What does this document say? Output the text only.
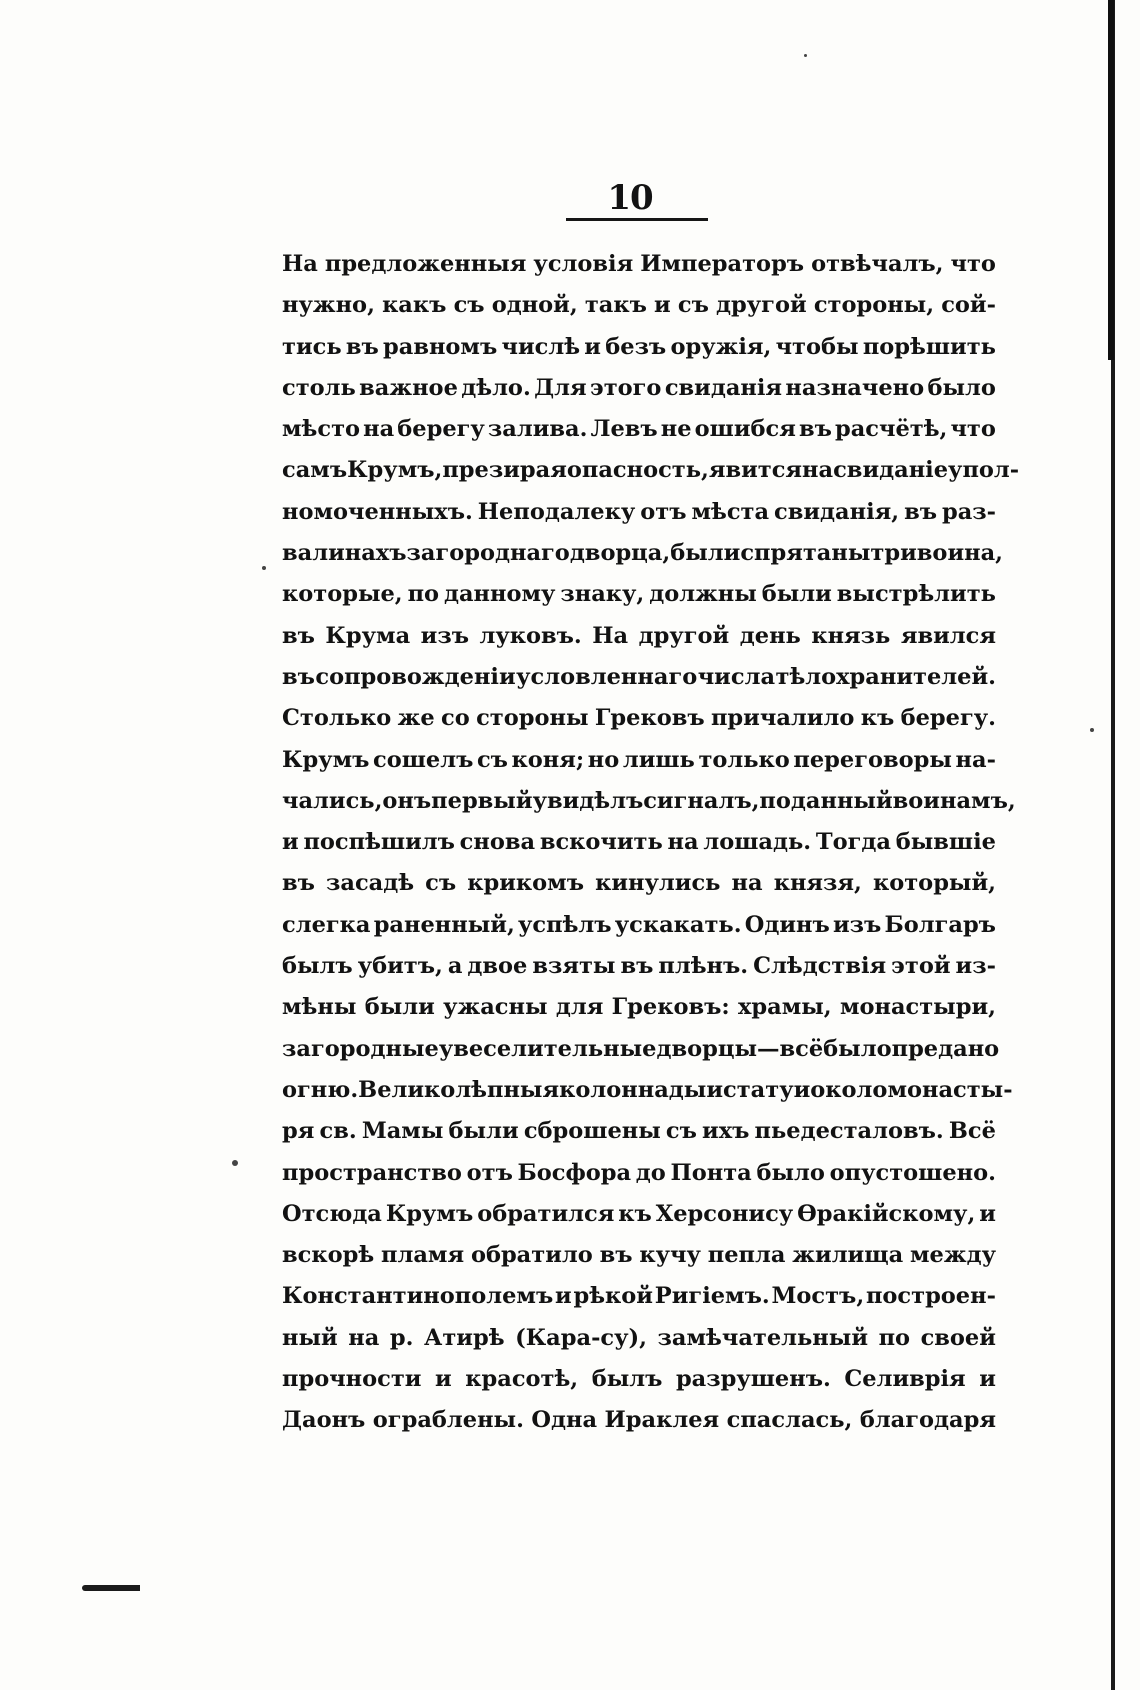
10
На предложенныя условія Императоръ отвѣчалъ, что
нужно, какъ съ одной, такъ и съ другой стороны, сой-
тись въ равномъ числѣ и безъ оружія, чтобы порѣшить
столь важное дѣло. Для этого свиданія назначено было
мѣсто на берегу залива. Левъ не ошибся въ расчётѣ, что
самъ Крумъ, презирая опасность, явится на свиданіе упол-
номоченныхъ. Неподалеку отъ мѣста свиданія, въ раз-
валинахъ загороднаго дворца, были спрятаны три воина,
которые, по данному знаку, должны были выстрѣлить
въ Крума изъ луковъ. На другой день князь явился
въ сопровожденіи условленнаго числа тѣлохранителей.
Столько же со стороны Грековъ причалило къ берегу.
Крумъ сошелъ съ коня; но лишь только переговоры на-
чались, онъ первый увидѣлъ сигналъ, поданный воинамъ,
и поспѣшилъ снова вскочить на лошадь. Тогда бывшіе
въ засадѣ съ крикомъ кинулись на князя, который,
слегка раненный, успѣлъ ускакать. Одинъ изъ Болгаръ
былъ убитъ, а двое взяты въ плѣнъ. Слѣдствія этой из-
мѣны были ужасны для Грековъ: храмы, монастыри,
загородные увеселительные дворцы — всё было предано
огню. Великолѣпныя колоннады и статуи около монасты-
ря св. Мамы были сброшены съ ихъ пьедесталовъ. Всё
пространство отъ Босфора до Понта было опустошено.
Отсюда Крумъ обратился къ Херсонису Ѳракійскому, и
вскорѣ пламя обратило въ кучу пепла жилища между
Константинополемъ и рѣкой Ригіемъ. Мостъ, построен-
ный на р. Атирѣ (Кара-су), замѣчательный по своей
прочности и красотѣ, былъ разрушенъ. Селиврія и
Даонъ ограблены. Одна Ираклея спаслась, благодаря
